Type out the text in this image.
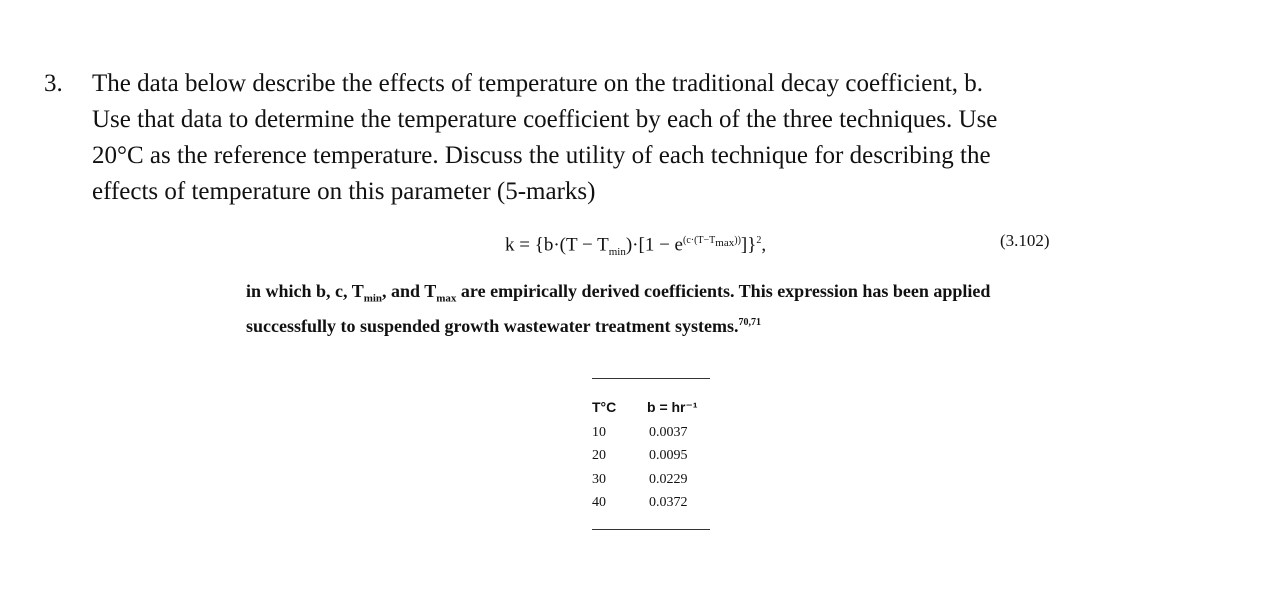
3. The data below describe the effects of temperature on the traditional decay coefficient, b.
Use that data to determine the temperature coefficient by each of the three techniques. Use
20°C as the reference temperature. Discuss the utility of each technique for describing the
effects of temperature on this parameter (5-marks)
$k = \{b\cdot(T - T_{min})\cdot[1 - e^{(c\cdot(T-T_{max}))}]\}^2$,	(3.102)
in which b, c, $T_{min}$, and $T_{max}$ are empirically derived coefficients. This expression has been applied successfully to suspended growth wastewater treatment systems.$^{70,71}$
T°C	b = hr⁻¹
10	0.0037
20	0.0095
30	0.0229
40	0.0372
